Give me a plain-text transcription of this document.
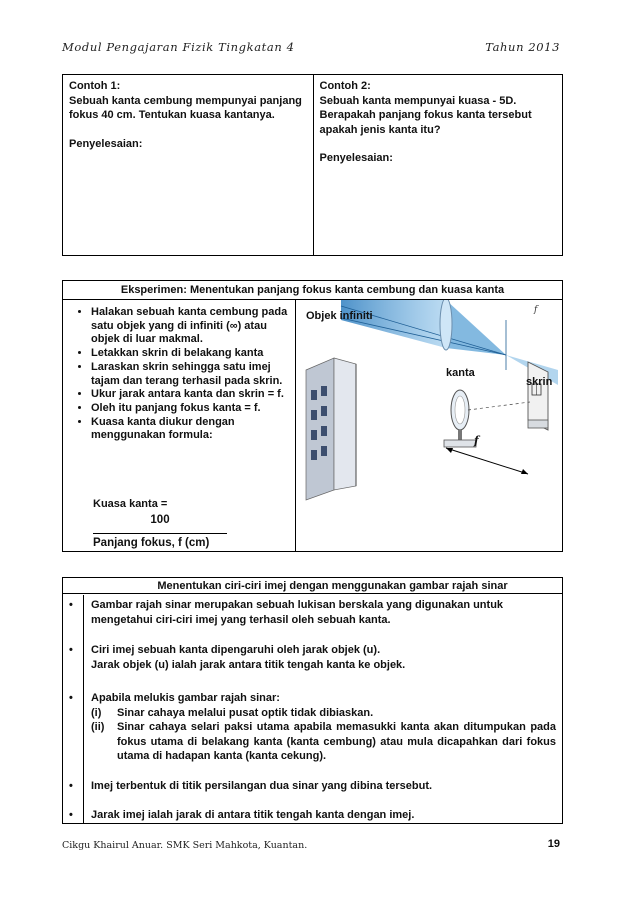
Modul Pengajaran Fizik Tingkatan 4	Tahun 2013
Contoh 1:
Sebuah kanta cembung mempunyai panjang fokus 40 cm. Tentukan kuasa kantanya.
Penyelesaian:
Contoh 2:
Sebuah kanta mempunyai kuasa - 5D. Berapakah panjang fokus kanta tersebut apakah jenis kanta itu?
Penyelesaian:
Eksperimen: Menentukan panjang fokus kanta cembung dan kuasa kanta
• Halakan sebuah kanta cembung pada satu objek yang di infiniti (∞) atau objek di luar makmal.
• Letakkan skrin di belakang kanta
• Laraskan skrin sehingga satu imej tajam dan terang terhasil pada skrin.
• Ukur jarak antara kanta dan skrin = f.
• Oleh itu panjang fokus kanta = f.
• Kuasa kanta diukur dengan menggunakan formula:
Kuasa kanta =
100
Panjang fokus, f (cm)
f
Objek infiniti
kanta
skrin
f
Menentukan ciri-ciri imej dengan menggunakan gambar rajah sinar
• Gambar rajah sinar merupakan sebuah lukisan berskala yang digunakan untuk mengetahui ciri-ciri imej yang terhasil oleh sebuah kanta.
• Ciri imej sebuah kanta dipengaruhi oleh jarak objek (u).
Jarak objek (u) ialah jarak antara titik tengah kanta ke objek.
• Apabila melukis gambar rajah sinar:
(i)	Sinar cahaya melalui pusat optik tidak dibiaskan.
(ii)	Sinar cahaya selari paksi utama apabila memasukki kanta akan ditumpukan pada fokus utama di belakang kanta (kanta cembung) atau mula dicapahkan dari fokus utama di hadapan kanta (kanta cekung).
• Imej terbentuk di titik persilangan dua sinar yang dibina tersebut.
• Jarak imej ialah jarak di antara titik tengah kanta dengan imej.
Cikgu Khairul Anuar. SMK Seri Mahkota, Kuantan.	19
